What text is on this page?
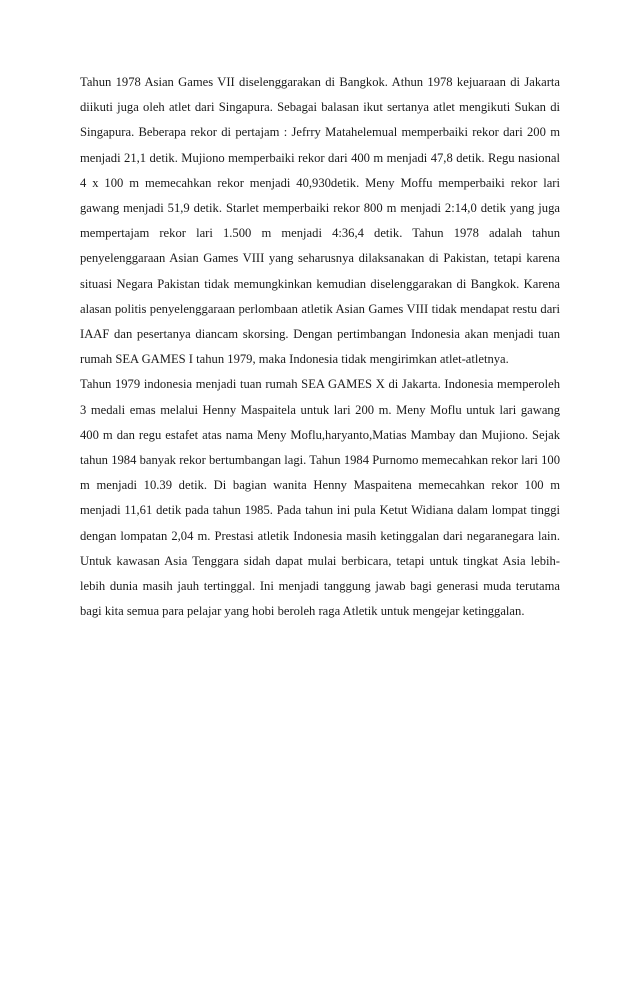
Tahun 1978 Asian Games VII diselenggarakan di Bangkok. Athun 1978 kejuaraan di Jakarta diikuti juga oleh atlet dari Singapura. Sebagai balasan ikut sertanya atlet mengikuti Sukan di Singapura. Beberapa rekor di pertajam : Jefrry Matahelemual memperbaiki rekor dari 200 m menjadi 21,1 detik. Mujiono memperbaiki rekor dari 400 m menjadi 47,8 detik. Regu nasional 4 x 100 m memecahkan rekor menjadi 40,930detik. Meny Moffu memperbaiki rekor lari gawang menjadi 51,9 detik. Starlet memperbaiki rekor 800 m menjadi 2:14,0 detik yang juga mempertajam rekor lari 1.500 m menjadi 4:36,4 detik. Tahun 1978 adalah tahun penyelenggaraan Asian Games VIII yang seharusnya dilaksanakan di Pakistan, tetapi karena situasi Negara Pakistan tidak memungkinkan kemudian diselenggarakan di Bangkok. Karena alasan politis penyelenggaraan perlombaan atletik Asian Games VIII tidak mendapat restu dari IAAF dan pesertanya diancam skorsing. Dengan pertimbangan Indonesia akan menjadi tuan rumah SEA GAMES I tahun 1979, maka Indonesia tidak mengirimkan atlet-atletnya.

Tahun 1979 indonesia menjadi tuan rumah SEA GAMES X di Jakarta. Indonesia memperoleh 3 medali emas melalui Henny Maspaitela untuk lari 200 m. Meny Moflu untuk lari gawang 400 m dan regu estafet atas nama Meny Moflu,haryanto,Matias Mambay dan Mujiono. Sejak tahun 1984 banyak rekor bertumbangan lagi. Tahun 1984 Purnomo memecahkan rekor lari 100 m menjadi 10.39 detik. Di bagian wanita Henny Maspaitena memecahkan rekor 100 m menjadi 11,61 detik pada tahun 1985. Pada tahun ini pula Ketut Widiana dalam lompat tinggi dengan lompatan 2,04 m. Prestasi atletik Indonesia masih ketinggalan dari negaranegara lain. Untuk kawasan Asia Tenggara sidah dapat mulai berbicara, tetapi untuk tingkat Asia lebih-lebih dunia masih jauh tertinggal. Ini menjadi tanggung jawab bagi generasi muda terutama bagi kita semua para pelajar yang hobi beroleh raga Atletik untuk mengejar ketinggalan.
